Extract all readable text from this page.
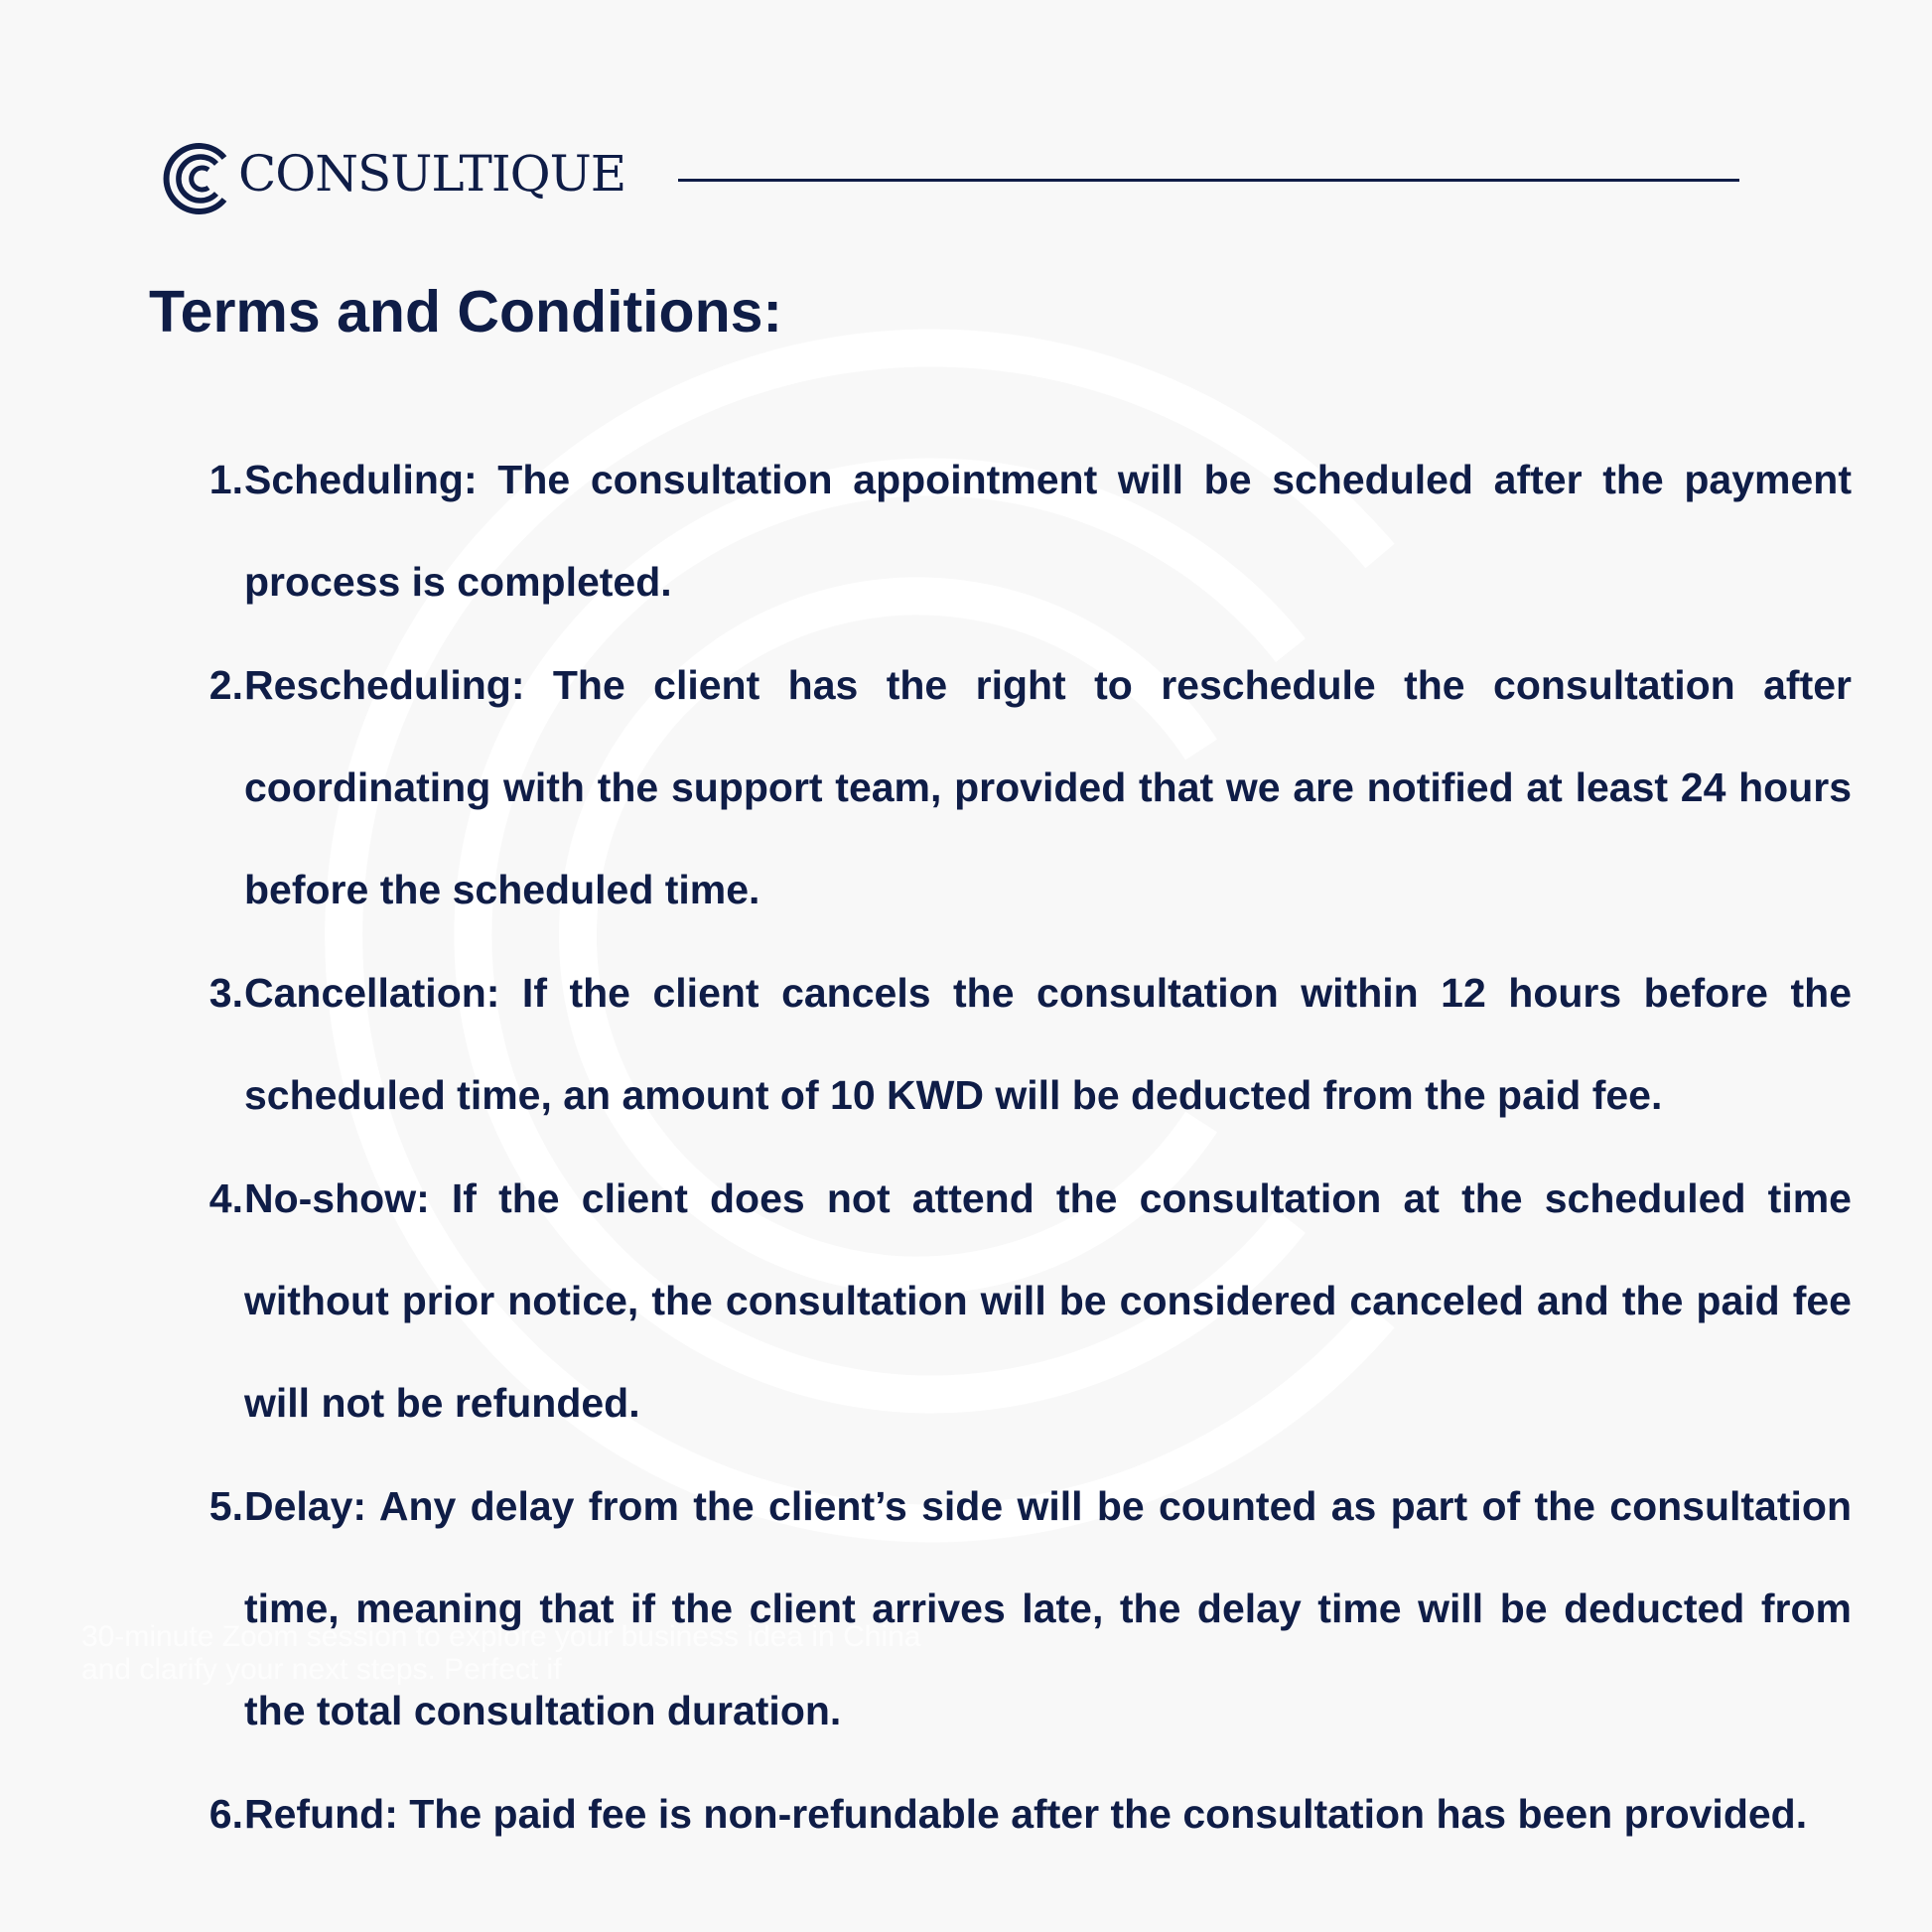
CONSULTIQUE
Terms and Conditions:
1. Scheduling: The consultation appointment will be scheduled after the payment process is completed.

2. Rescheduling: The client has the right to reschedule the consultation after coordinating with the support team, provided that we are notified at least 24 hours before the scheduled time.

3. Cancellation: If the client cancels the consultation within 12 hours before the scheduled time, an amount of 10 KWD will be deducted from the paid fee.

4. No-show: If the client does not attend the consultation at the scheduled time without prior notice, the consultation will be considered canceled and the paid fee will not be refunded.

5. Delay: Any delay from the client’s side will be counted as part of the consultation time, meaning that if the client arrives late, the delay time will be deducted from the total consultation duration.

6. Refund: The paid fee is non-refundable after the consultation has been provided.

30-minute Zoom session to explore your business idea in China and clarify your next steps. Perfect if
